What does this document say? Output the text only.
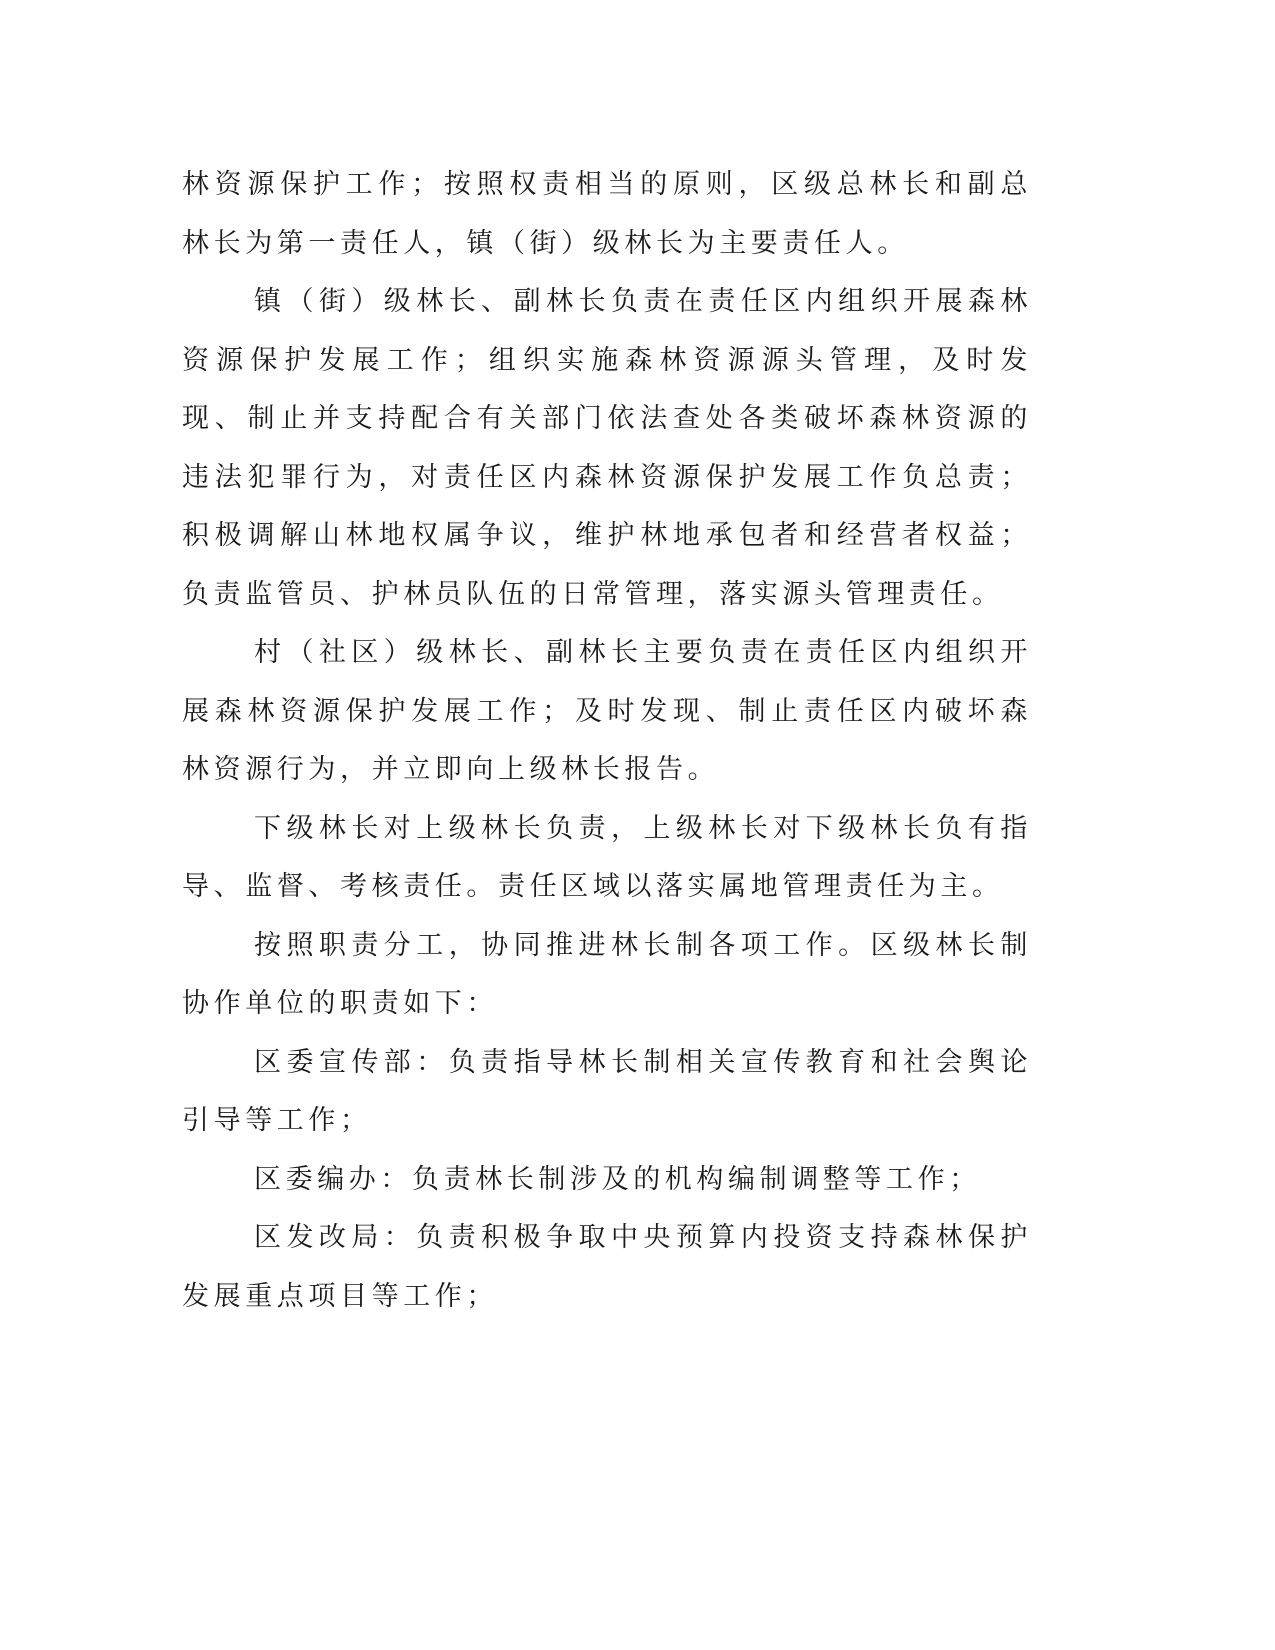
林资源保护工作；按照权责相当的原则，区级总林长和副总林长为第一责任人，镇（街）级林长为主要责任人。

镇（街）级林长、副林长负责在责任区内组织开展森林资源保护发展工作；组织实施森林资源源头管理，及时发现、制止并支持配合有关部门依法查处各类破坏森林资源的违法犯罪行为，对责任区内森林资源保护发展工作负总责；积极调解山林地权属争议，维护林地承包者和经营者权益；负责监管员、护林员队伍的日常管理，落实源头管理责任。

村（社区）级林长、副林长主要负责在责任区内组织开展森林资源保护发展工作；及时发现、制止责任区内破坏森林资源行为，并立即向上级林长报告。

下级林长对上级林长负责，上级林长对下级林长负有指导、监督、考核责任。责任区域以落实属地管理责任为主。

按照职责分工，协同推进林长制各项工作。区级林长制协作单位的职责如下：

区委宣传部：负责指导林长制相关宣传教育和社会舆论引导等工作；

区委编办：负责林长制涉及的机构编制调整等工作；

区发改局：负责积极争取中央预算内投资支持森林保护发展重点项目等工作；
